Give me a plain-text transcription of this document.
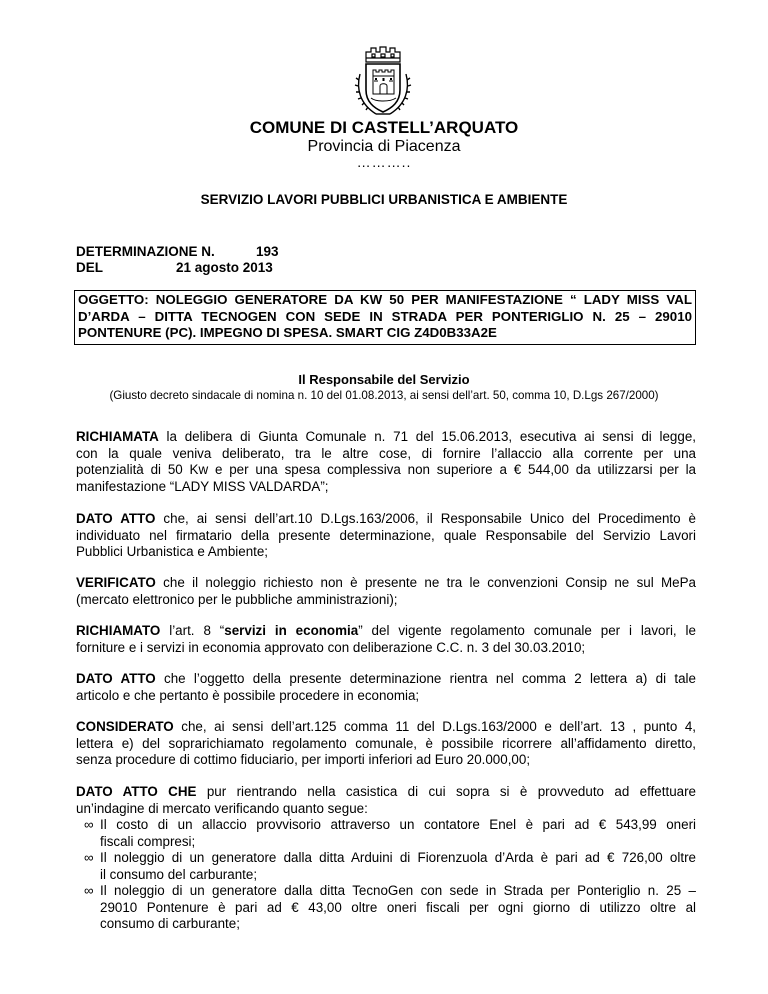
COMUNE DI CASTELL’ARQUATO
Provincia di Piacenza
………..
SERVIZIO LAVORI PUBBLICI URBANISTICA E AMBIENTE
DETERMINAZIONE N.	193
DEL	21 agosto 2013
OGGETTO: NOLEGGIO GENERATORE DA KW 50 PER MANIFESTAZIONE “ LADY MISS VAL
D’ARDA – DITTA TECNOGEN CON SEDE IN STRADA PER PONTERIGLIO N. 25 – 29010
PONTENURE (PC). IMPEGNO DI SPESA. SMART CIG Z4D0B33A2E
Il Responsabile del Servizio
(Giusto decreto sindacale di nomina n. 10 del 01.08.2013, ai sensi dell’art. 50, comma 10, D.Lgs 267/2000)
RICHIAMATA la delibera di Giunta Comunale n. 71 del 15.06.2013, esecutiva ai sensi di legge,
con la quale veniva deliberato, tra le altre cose, di fornire l’allaccio alla corrente per una
potenzialità di 50 Kw e per una spesa complessiva non superiore a € 544,00 da utilizzarsi per la
manifestazione “LADY MISS VALDARDA”;
DATO ATTO che, ai sensi dell’art.10 D.Lgs.163/2006, il Responsabile Unico del Procedimento è
individuato nel firmatario della presente determinazione, quale Responsabile del Servizio Lavori
Pubblici Urbanistica e Ambiente;
VERIFICATO che il noleggio richiesto non è presente ne tra le convenzioni Consip ne sul MePa
(mercato elettronico per le pubbliche amministrazioni);
RICHIAMATO l’art. 8 “servizi in economia” del vigente regolamento comunale per i lavori, le
forniture e i servizi in economia approvato con deliberazione C.C. n. 3 del 30.03.2010;
DATO ATTO che l’oggetto della presente determinazione rientra nel comma 2 lettera a) di tale
articolo e che pertanto è possibile procedere in economia;
CONSIDERATO che, ai sensi dell’art.125 comma 11 del D.Lgs.163/2000 e dell’art. 13 , punto 4,
lettera e) del soprarichiamato regolamento comunale, è possibile ricorrere all’affidamento diretto,
senza procedure di cottimo fiduciario, per importi inferiori ad Euro 20.000,00;
DATO ATTO CHE pur rientrando nella casistica di cui sopra si è provveduto ad effettuare
un’indagine di mercato verificando quanto segue:
∞ Il costo di un allaccio provvisorio attraverso un contatore Enel è pari ad € 543,99 oneri
fiscali compresi;
∞ Il noleggio di un generatore dalla ditta Arduini di Fiorenzuola d’Arda è pari ad € 726,00 oltre
il consumo del carburante;
∞ Il noleggio di un generatore dalla ditta TecnoGen con sede in Strada per Ponteriglio n. 25 –
29010 Pontenure è pari ad € 43,00 oltre oneri fiscali per ogni giorno di utilizzo oltre al
consumo di carburante;
